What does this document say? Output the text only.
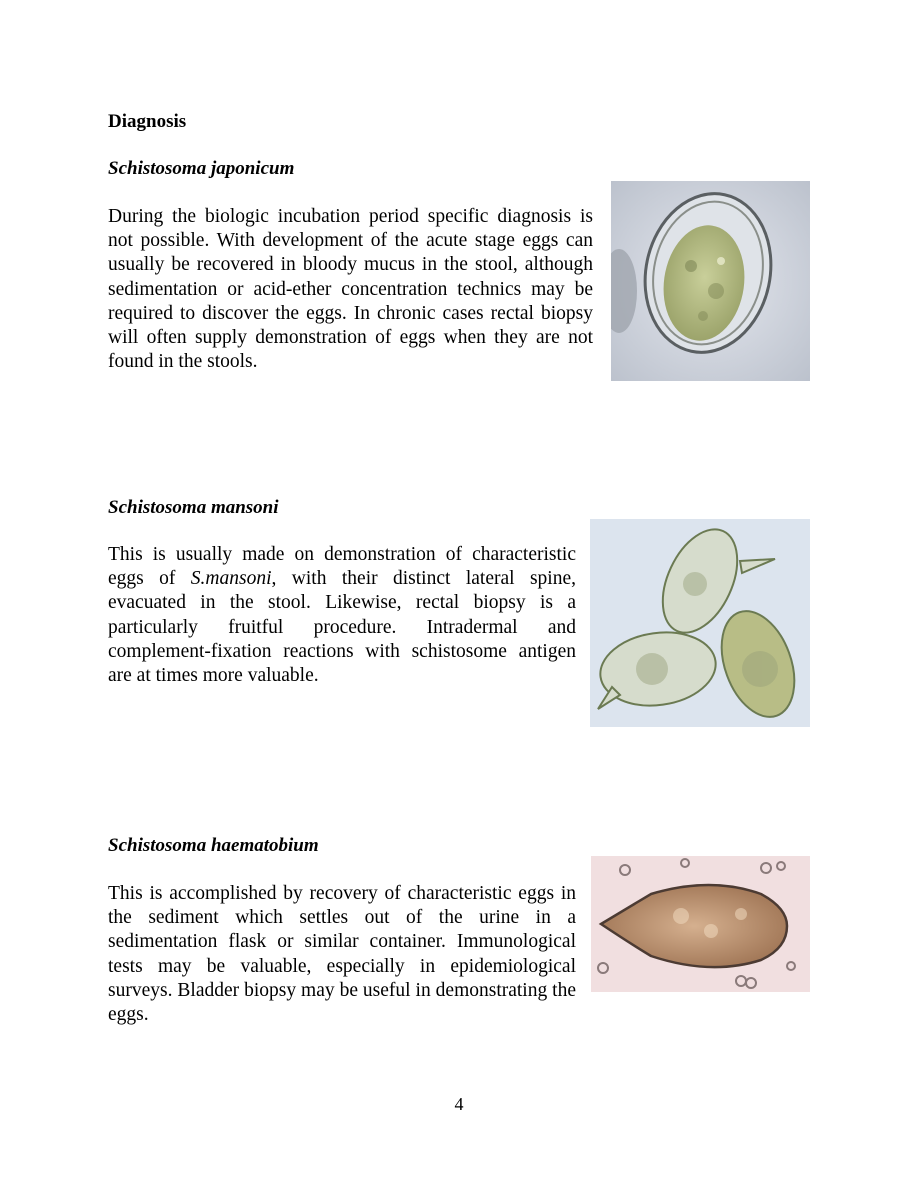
Diagnosis
Schistosoma japonicum

During the biologic incubation period specific diagnosis is not possible. With development of the acute stage eggs can usually be recovered in bloody mucus in the stool, although sedimentation or acid-ether concentration technics may be required to discover the eggs. In chronic cases rectal biopsy will often supply demonstration of eggs when they are not found in the stools.

Schistosoma mansoni

This is usually made on demonstration of characteristic eggs of S.mansoni, with their distinct lateral spine, evacuated in the stool. Likewise, rectal biopsy is a particularly fruitful procedure. Intradermal and complement-fixation reactions with schistosome antigen are at times more valuable.

Schistosoma haematobium

This is accomplished by recovery of characteristic eggs in the sediment which settles out of the urine in a sedimentation flask or similar container. Immunological tests may be valuable, especially in epidemiological surveys. Bladder biopsy may be useful in demonstrating the eggs.

4
